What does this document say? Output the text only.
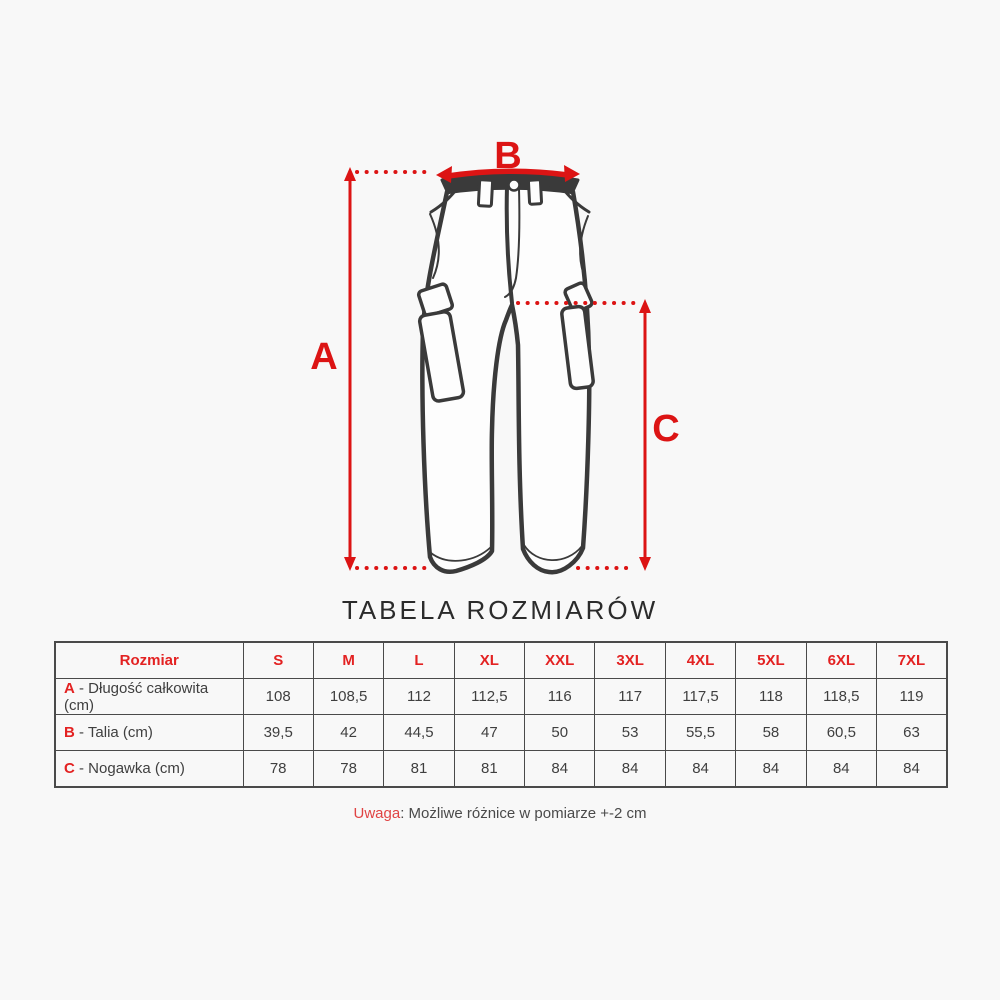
A
B
C
TABELA ROZMIARÓW
Rozmiar	S	M	L	XL	XXL	3XL	4XL	5XL	6XL	7XL
A - Długość całkowita (cm)	108	108,5	112	112,5	116	117	117,5	118	118,5	119
B - Talia (cm)	39,5	42	44,5	47	50	53	55,5	58	60,5	63
C - Nogawka (cm)	78	78	81	81	84	84	84	84	84	84

Uwaga: Możliwe różnice w pomiarze +-2 cm
